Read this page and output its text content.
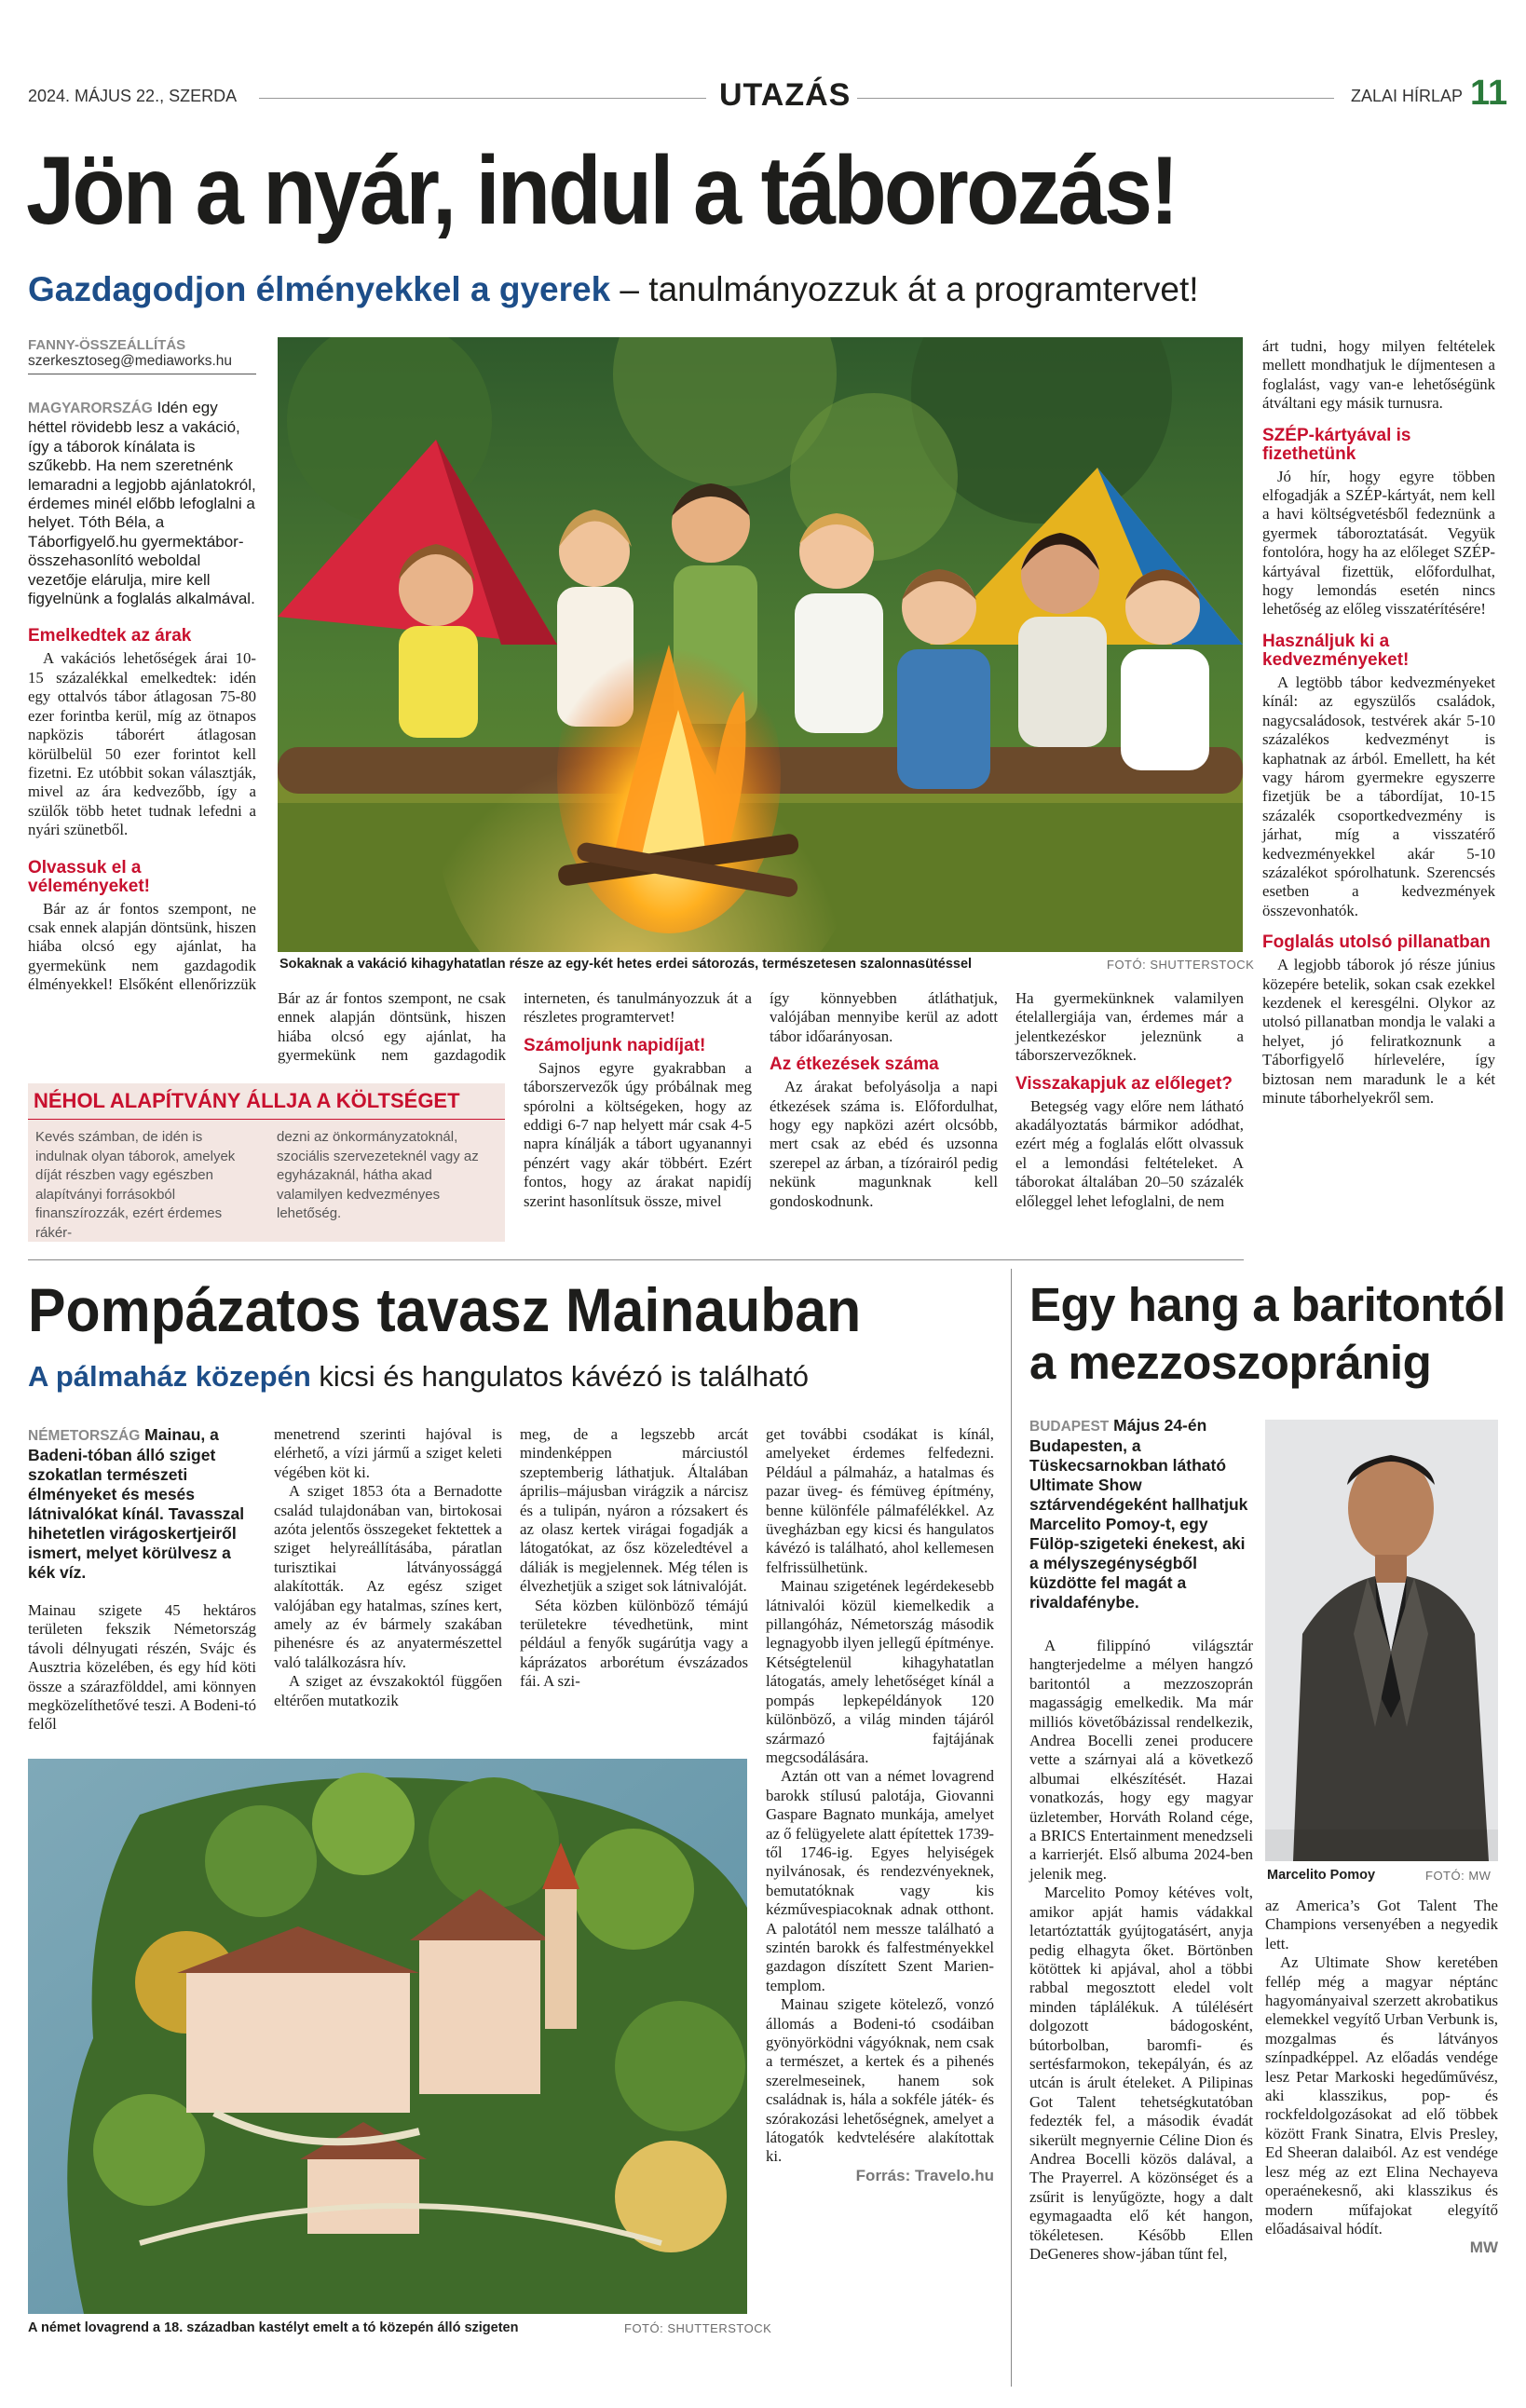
2024. MÁJUS 22., SZERDA	UTAZÁS	ZALAI HÍRLAP 11
Jön a nyár, indul a táborozás!
Gazdagodjon élményekkel a gyerek – tanulmányozzuk át a programtervet!
FANNY-ÖSSZEÁLLÍTÁS
szerkesztoseg@mediaworks.hu
MAGYARORSZÁG Idén egy héttel rövidebb lesz a vakáció, így a táborok kínálata is szűkebb. Ha nem szeretnénk lemaradni a legjobb ajánlatokról, érdemes minél előbb lefoglalni a helyet. Tóth Béla, a Táborfigyelő.hu gyermektábor-összehasonlító weboldal vezetője elárulja, mire kell figyelnünk a foglalás alkalmával.
Emelkedtek az árak

A vakációs lehetőségek árai 10-15 százalékkal emelkedtek: idén egy ottalvós tábor átlagosan 75-80 ezer forintba kerül, míg az ötnapos napközis táborért átlagosan körülbelül 50 ezer forintot kell fizetni. Ez utóbbit sokan választják, mivel az ára kedvezőbb, így a szülők több hetet tudnak lefedni a nyári szünetből.

Olvassuk el a véleményeket!

Bár az ár fontos szempont, ne csak ennek alapján döntsünk, hiszen hiába olcsó egy ajánlat, ha gyermekünk nem gazdagodik élményekkel! Elsőként ellenőrizzük

Sokaknak a vakáció kihagyhatatlan része az egy-két hetes erdei sátorozás, természetesen szalonnasütéssel	FOTÓ: SHUTTERSTOCK

árt tudni, hogy milyen feltételek mellett mondhatjuk le díjmentesen a foglalást, vagy van-e lehetőségünk átváltani egy másik turnusra.

SZÉP-kártyával is fizethetünk

Jó hír, hogy egyre többen elfogadják a SZÉP-kártyát, nem kell a havi költségvetésből fedeznünk a gyermek táboroztatását. Vegyük fontolóra, hogy ha az előleget SZÉP-kártyával fizettük, előfordulhat, hogy lemondás esetén nincs lehetőség az előleg visszatérítésére!

Használjuk ki a kedvezményeket!

A legtöbb tábor kedvezményeket kínál: az egyszülős családok, nagycsaládosok, testvérek akár 5-10 százalékos kedvezményt is kaphatnak az árból. Emellett, ha két vagy három gyermekre egyszerre fizetjük be a tábordíjat, 10-15 százalék csoportkedvezmény is járhat, míg a visszatérő kedvezményekkel akár 5-10 százalékot spórolhatunk. Szerencsés esetben a kedvezmények összevonhatók.

Foglalás utolsó pillanatban

A legjobb táborok jó része június közepére betelik, sokan csak ezekkel kezdenek el keresgélni. Olykor az utolsó pillanatban mondja le valaki a helyet, jó feliratkoznunk a Táborfigyelő hírlevelére, így biztosan nem maradunk le a két minute táborhelyekről sem.

Bár az ár fontos szempont, ne csak ennek alapján döntsünk, hiszen hiába olcsó egy ajánlat, ha gyermekünk nem gazdagodik

interneten, és tanulmányozzuk át a részletes programtervet!

Számoljunk napidíjat!

Sajnos egyre gyakrabban a táborszervezők úgy próbálnak meg spórolni a költségeken, hogy az eddigi 6-7 nap helyett már csak 4-5 napra kínálják a tábort ugyanannyi pénzért vagy akár többért. Ezért fontos, hogy az árakat napidíj szerint hasonlítsuk össze, mivel

így könnyebben átláthatjuk, valójában mennyibe kerül az adott tábor időarányosan.

Az étkezések száma

Az árakat befolyásolja a napi étkezések száma is. Előfordulhat, hogy egy napközi azért olcsóbb, mert csak az ebéd és uzsonna szerepel az árban, a tízórairól pedig nekünk magunknak kell gondoskodnunk.

Ha gyermekünknek valamilyen ételallergiája van, érdemes már a jelentkezéskor jeleznünk a táborszervezőknek.

Visszakapjuk az előleget?

Betegség vagy előre nem látható akadályoztatás bármikor adódhat, ezért még a foglalás előtt olvassuk el a lemondási feltételeket. A táborokat általában 20–50 százalék előleggel lehet lefoglalni, de nem

NÉHOL ALAPÍTVÁNY ÁLLJA A KÖLTSÉGET
Kevés számban, de idén is indulnak olyan táborok, amelyek díját részben vagy egészben alapítványi forrásokból finanszírozzák, ezért érdemes rákér-
dezni az önkormányzatoknál, szociális szervezeteknél vagy az egyházaknál, hátha akad valamilyen kedvezményes lehetőség.
Pompázatos tavasz Mainauban
A pálmaház közepén kicsi és hangulatos kávézó is található
NÉMETORSZÁG Mainau, a Badeni-tóban álló sziget szokatlan természeti élményeket és mesés látnivalókat kínál. Tavasszal hihetetlen virágoskertjeiről ismert, melyet körülvesz a kék víz.

Mainau szigete 45 hektáros területen fekszik Németország távoli délnyugati részén, Svájc és Ausztria közelében, és egy híd köti össze a szárazfölddel, ami könnyen megközelíthetővé teszi. A Bodeni-tó felől

menetrend szerinti hajóval is elérhető, a vízi jármű a sziget keleti végében köt ki.

A sziget 1853 óta a Bernadotte család tulajdonában van, birtokosai azóta jelentős összegeket fektettek a sziget helyreállításába, páratlan turisztikai látványossággá alakították. Az egész sziget valójában egy hatalmas, színes kert, amely az év bármely szakában pihenésre és az anyatermészettel való találkozásra hív.

A sziget az évszakoktól függően eltérően mutatkozik

meg, de a legszebb arcát mindenképpen márciustól szeptemberig láthatjuk. Általában április–májusban virágzik a nárcisz és a tulipán, nyáron a rózsakert és az olasz kertek virágai fogadják a látogatókat, az ősz közeledtével a dáliák is megjelennek. Még télen is élvezhetjük a sziget sok látnivalóját.

Séta közben különböző témájú területekre tévedhetünk, mint például a fenyők sugárútja vagy a káprázatos arborétum évszázados fái. A szi-

get további csodákat is kínál, amelyeket érdemes felfedezni. Például a pálmaház, a hatalmas és pazar üveg- és fémüveg építmény, benne különféle pálmafélékkel. Az üvegházban egy kicsi és hangulatos kávézó is található, ahol kellemesen felfrissülhetünk.

Mainau szigetének legérdekesebb látnivalói közül kiemelkedik a pillangóház, Németország második legnagyobb ilyen jellegű építménye. Kétségtelenül kihagyhatatlan látogatás, amely lehetőséget kínál a pompás lepkepéldányok 120 különböző, a világ minden tájáról származó fajtájának megcsodálására.

Aztán ott van a német lovagrend barokk stílusú palotája, Giovanni Gaspare Bagnato munkája, amelyet az ő felügyelete alatt építettek 1739-től 1746-ig. Egyes helyiségek nyilvánosak, és rendezvényeknek, bemutatóknak vagy kis kézművespiacoknak adnak otthont. A palotától nem messze található a szintén barokk és falfestményekkel gazdagon díszített Szent Marien-templom.

Mainau szigete kötelező, vonzó állomás a Bodeni-tó csodáiban gyönyörködni vágyóknak, nem csak a természet, a kertek és a pihenés szerelmeseinek, hanem sok családnak is, hála a sokféle játék- és szórakozási lehetőségnek, amelyet a látogatók kedvtelésére alakítottak ki.

Forrás: Travelo.hu
A német lovagrend a 18. században kastélyt emelt a tó közepén álló szigeten	FOTÓ: SHUTTERSTOCK
Egy hang a baritontól a mezzoszopránig
BUDAPEST Május 24-én Budapesten, a Tüskecsarnokban látható Ultimate Show sztárvendégeként hallhatjuk Marcelito Pomoy-t, egy Fülöp-szigeteki énekest, aki a mélyszegénységből küzdötte fel magát a rivaldafénybe.
Marcelito Pomoy	FOTÓ: MW

A filippínó világsztár hangterjedelme a mélyen hangzó baritontól a mezzoszoprán magasságig emelkedik. Ma már milliós követőbázissal rendelkezik, Andrea Bocelli zenei producere vette a szárnyai alá a következő albumai elkészítését. Hazai vonatkozás, hogy egy magyar üzletember, Horváth Roland cége, a BRICS Entertainment menedzseli a karrierjét. Első albuma 2024-ben jelenik meg.

Marcelito Pomoy kétéves volt, amikor apját hamis vádakkal letartóztatták gyújtogatásért, anyja pedig elhagyta őket. Börtönben kötöttek ki apjával, ahol a többi rabbal megosztott eledel volt minden táplálékuk. A túlélésért dolgozott bádogosként, bútorbolban, baromfi- és sertésfarmokon, tekepályán, és az utcán is árult ételeket. A Pilipinas Got Talent tehetségkutatóban fedezték fel, a második évadát sikerült megnyernie Céline Dion és Andrea Bocelli közös dalával, a The Prayerrel. A közönséget és a zsűrit is lenyűgözte, hogy a dalt egymagaadta elő két hangon, tökéletesen. Később Ellen DeGeneres show-jában tűnt fel,

az America’s Got Talent The Champions versenyében a negyedik lett.

Az Ultimate Show keretében fellép még a magyar néptánc hagyományaival szerzett akrobatikus elemekkel vegyítő Urban Verbunk is, mozgalmas és látványos színpadképpel. Az előadás vendége lesz Petar Markoski hegedűművész, aki klasszikus, pop- és rockfeldolgozásokat ad elő többek között Frank Sinatra, Elvis Presley, Ed Sheeran dalaiból. Az est vendége lesz még az ezt Elina Nechayeva operaénekesnő, aki klasszikus és modern műfajokat elegyítő előadásaival hódít.

MW
